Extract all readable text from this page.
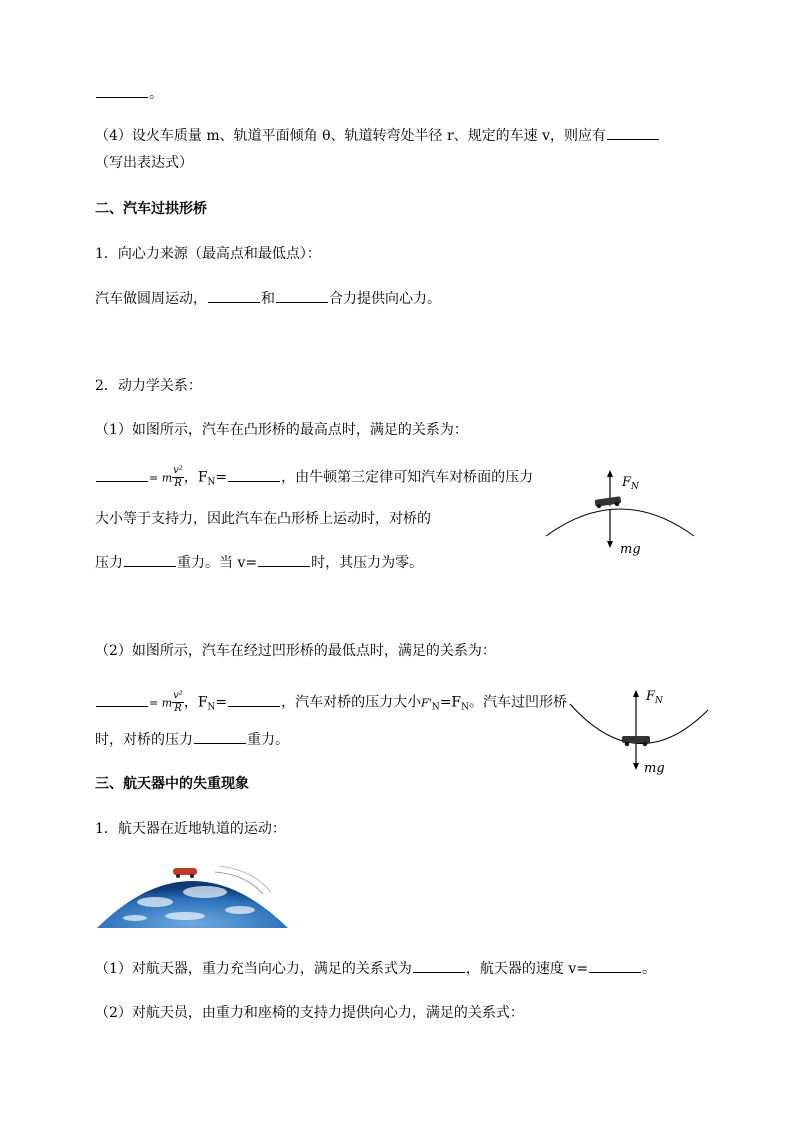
。
（4）设火车质量 m、轨道平面倾角 θ、轨道转弯处半径 r、规定的车速 v，则应有
（写出表达式）
二、汽车过拱形桥
1．向心力来源（最高点和最低点）：
汽车做圆周运动，	和	合力提供向心力。
2．动力学关系：
（1）如图所示，汽车在凸形桥的最高点时，满足的关系为：
= m $\frac{\text{v²}}{R}$ ，$F_N=$	，由牛顿第三定律可知汽车对桥面的压力
大小等于支持力，因此汽车在凸形桥上运动时，对桥的
压力	重力。当 v=	时，其压力为零。
F N
mg
（2）如图所示，汽车在经过凹形桥的最低点时，满足的关系为：
= m $\frac{\text{v²}}{R}$ ，$F_N=$	，汽车对桥的压力大小$F'_N=F_N$。汽车过凹形桥
时，对桥的压力	重力。
F N
mg
三、航天器中的失重现象
1．航天器在近地轨道的运动：
（1）对航天器，重力充当向心力，满足的关系式为	，航天器的速度 v=	。
（2）对航天员，由重力和座椅的支持力提供向心力，满足的关系式：
